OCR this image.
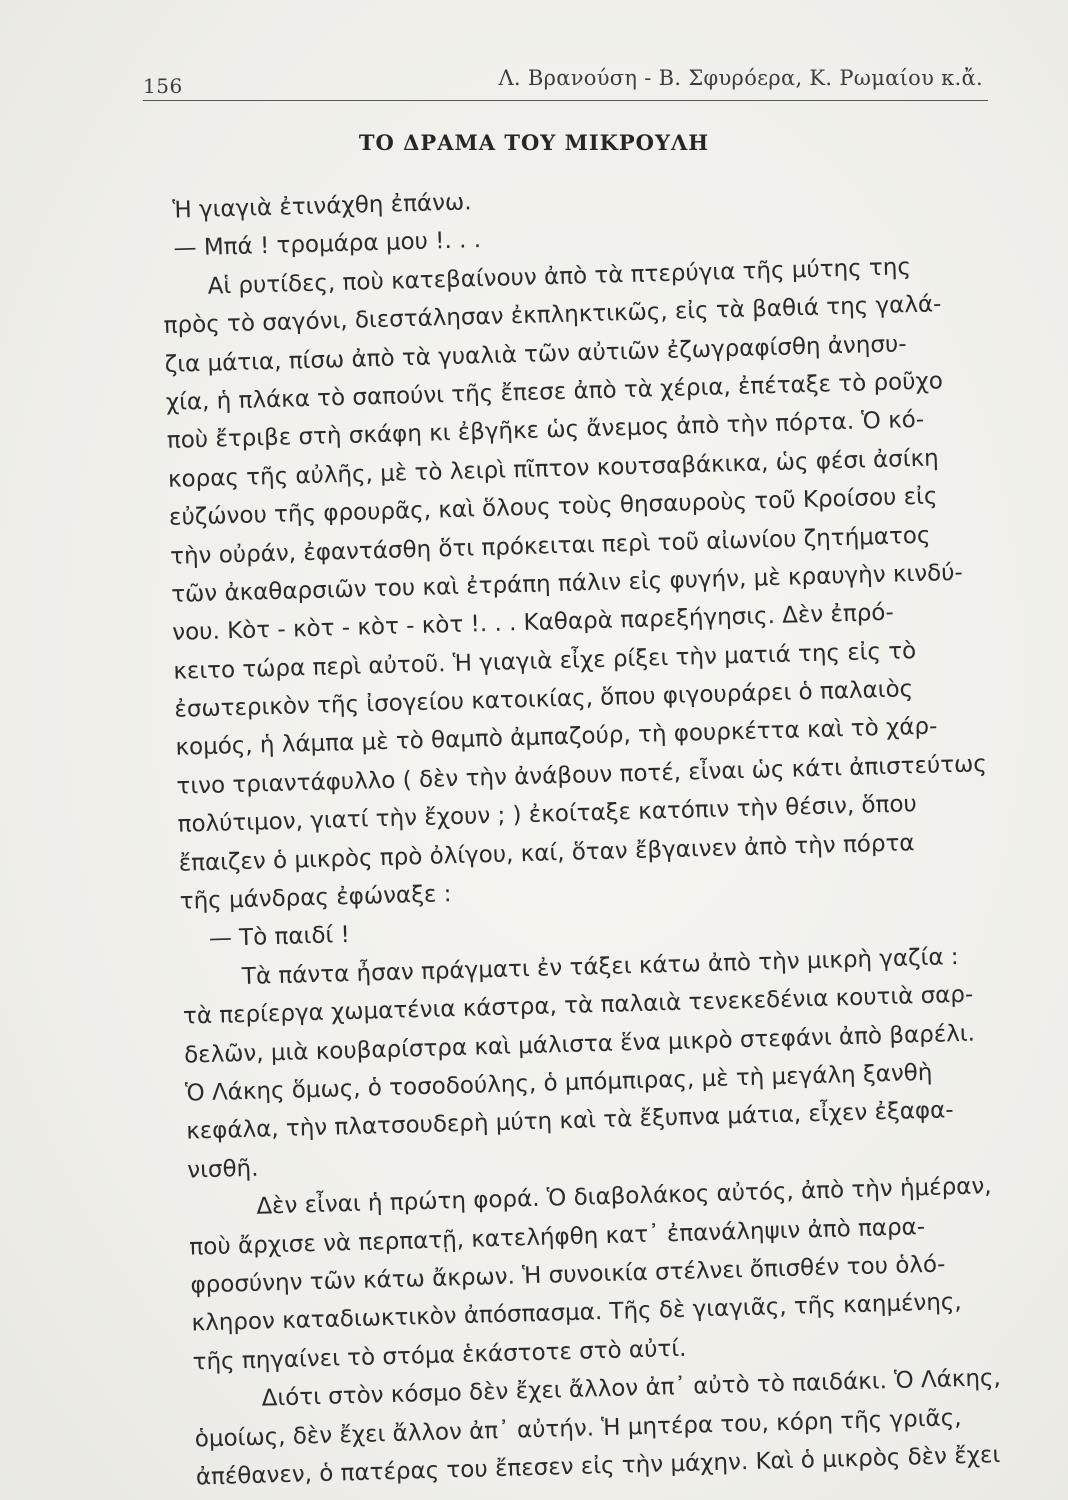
156	Λ. Βρανούση - Β. Σφυρόερα, Κ. Ρωμαίου κ.ἄ.
ΤΟ ΔΡΑΜΑ ΤΟΥ ΜΙΚΡΟΥΛΗ
Ἡ γιαγιὰ ἐτινάχθη ἐπάνω.
— Μπά ! τρομάρα μου !. . .
Αἱ ρυτίδες, ποὺ κατεβαίνουν ἀπὸ τὰ πτερύγια τῆς μύτης της
πρὸς τὸ σαγόνι, διεστάλησαν ἐκπληκτικῶς, εἰς τὰ βαθιά της γαλά-
ζια μάτια, πίσω ἀπὸ τὰ γυαλιὰ τῶν αὐτιῶν ἐζωγραφίσθη ἀνησυ-
χία, ἡ πλάκα τὸ σαπούνι τῆς ἔπεσε ἀπὸ τὰ χέρια, ἐπέταξε τὸ ροῦχο
ποὺ ἔτριβε στὴ σκάφη κι ἐβγῆκε ὡς ἄνεμος ἀπὸ τὴν πόρτα. Ὁ κό-
κορας τῆς αὐλῆς, μὲ τὸ λειρὶ πῖπτον κουτσαβάκικα, ὡς φέσι ἀσίκη
εὐζώνου τῆς φρουρᾶς, καὶ ὅλους τοὺς θησαυροὺς τοῦ Κροίσου εἰς
τὴν οὐράν, ἐφαντάσθη ὅτι πρόκειται περὶ τοῦ αἰωνίου ζητήματος
τῶν ἀκαθαρσιῶν του καὶ ἐτράπη πάλιν εἰς φυγήν, μὲ κραυγὴν κινδύ-
νου. Κὸτ - κὸτ - κὸτ - κὸτ !. . . Καθαρὰ παρεξήγησις. Δὲν ἐπρό-
κειτο τώρα περὶ αὐτοῦ. Ἡ γιαγιὰ εἶχε ρίξει τὴν ματιά της εἰς τὸ
ἐσωτερικὸν τῆς ἰσογείου κατοικίας, ὅπου φιγουράρει ὁ παλαιὸς
κομός, ἡ λάμπα μὲ τὸ θαμπὸ ἀμπαζούρ, τὴ φουρκέττα καὶ τὸ χάρ-
τινο τριαντάφυλλο ( δὲν τὴν ἀνάβουν ποτέ, εἶναι ὡς κάτι ἀπιστεύτως
πολύτιμον, γιατί τὴν ἔχουν ; ) ἐκοίταξε κατόπιν τὴν θέσιν, ὅπου
ἔπαιζεν ὁ μικρὸς πρὸ ὀλίγου, καί, ὅταν ἔβγαινεν ἀπὸ τὴν πόρτα
τῆς μάνδρας ἐφώναξε :
— Τὸ παιδί !
Τὰ πάντα ἦσαν πράγματι ἐν τάξει κάτω ἀπὸ τὴν μικρὴ γαζία :
τὰ περίεργα χωματένια κάστρα, τὰ παλαιὰ τενεκεδένια κουτιὰ σαρ-
δελῶν, μιὰ κουβαρίστρα καὶ μάλιστα ἕνα μικρὸ στεφάνι ἀπὸ βαρέλι.
Ὁ Λάκης ὅμως, ὁ τοσοδούλης, ὁ μπόμπιρας, μὲ τὴ μεγάλη ξανθὴ
κεφάλα, τὴν πλατσουδερὴ μύτη καὶ τὰ ἔξυπνα μάτια, εἶχεν ἐξαφα-
νισθῆ.
Δὲν εἶναι ἡ πρώτη φορά. Ὁ διαβολάκος αὐτός, ἀπὸ τὴν ἡμέραν,
ποὺ ἄρχισε νὰ περπατῇ, κατελήφθη κατ᾽ ἐπανάληψιν ἀπὸ παρα-
φροσύνην τῶν κάτω ἄκρων. Ἡ συνοικία στέλνει ὄπισθέν του ὁλό-
κληρον καταδιωκτικὸν ἀπόσπασμα. Τῆς δὲ γιαγιᾶς, τῆς καημένης,
τῆς πηγαίνει τὸ στόμα ἑκάστοτε στὸ αὐτί.
Διότι στὸν κόσμο δὲν ἔχει ἄλλον ἀπ᾽ αὐτὸ τὸ παιδάκι. Ὁ Λάκης,
ὁμοίως, δὲν ἔχει ἄλλον ἀπ᾽ αὐτήν. Ἡ μητέρα του, κόρη τῆς γριᾶς,
ἀπέθανεν, ὁ πατέρας του ἔπεσεν εἰς τὴν μάχην. Καὶ ὁ μικρὸς δὲν ἔχει
